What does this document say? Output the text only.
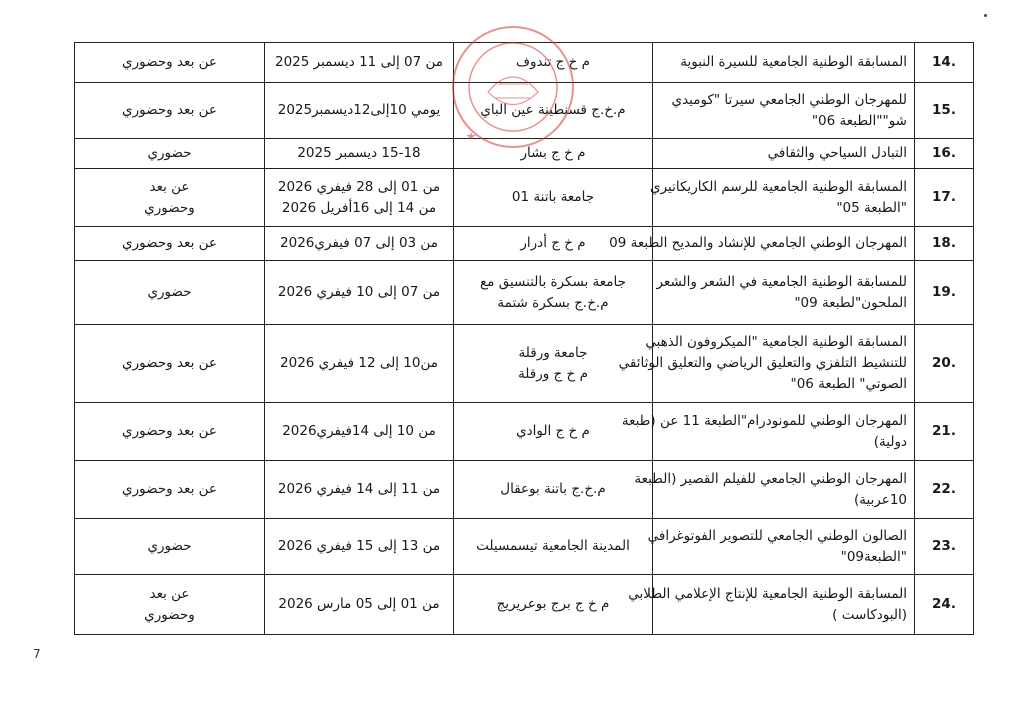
.14	المسابقة الوطنية الجامعية للسيرة النبوية	م خ ج تندوف	من 07 إلى 11 ديسمبر 2025	عن بعد وحضوري

.15	للمهرجان الوطني الجامعي سيرتا "كوميدي
شو""الطبعة 06"	م.خ.ج قسنطينة عين الباي	يومي 10إلى12ديسمبر2025	عن بعد وحضوري

.16	التبادل السياحي والثقافي	م خ ج بشار	15-18 ديسمبر 2025	حضوري

.17	المسابقة الوطنية الجامعية للرسم الكاريكاتيري
"الطبعة 05"	جامعة باتنة 01	من 01 إلى 28 فيفري 2026
من 14 إلى 16أفريل 2026	عن بعد
وحضوري

.18	المهرجان الوطني الجامعي للإنشاد والمديح الطبعة 09	م خ ج أدرار	من 03 إلى 07 فيفري2026	عن بعد وحضوري

.19	للمسابقة الوطنية الجامعية في الشعر والشعر
الملحون"لطبعة 09"	جامعة بسكرة بالتنسيق مع
م.خ.ج بسكرة شتمة	من 07 إلى 10 فيفري 2026	حضوري

.20	المسابقة الوطنية الجامعية "الميكروفون الذهبي
للتنشيط التلفزي والتعليق الرياضي والتعليق الوثائقي
الصوتي" الطبعة 06"	جامعة ورقلة
م خ ج ورقلة	من10 إلى 12 فيفري 2026	عن بعد وحضوري

.21	المهرجان الوطني للمونودرام"الطبعة 11 عن (طبعة
دولية)	م خ ج الوادي	من 10 إلى 14فيفري2026	عن بعد وحضوري

.22	المهرجان الوطني الجامعي للفيلم القصير (الطبعة
10عربية)	م.خ.ج باتنة بوعقال	من 11 إلى 14 فيفري 2026	عن بعد وحضوري

.23	الصالون الوطني الجامعي للتصوير الفوتوغرافي
"الطبعة09"	المدينة الجامعية تيسمسيلت	من 13 إلى 15 فيفري 2026	حضوري

.24	المسابقة الوطنية الجامعية للإنتاج الإعلامي الطلابي
(البودكاست )	م خ ج برج بوعريريج	من 01 إلى 05 مارس 2026	عن بعد
وحضوري
7
